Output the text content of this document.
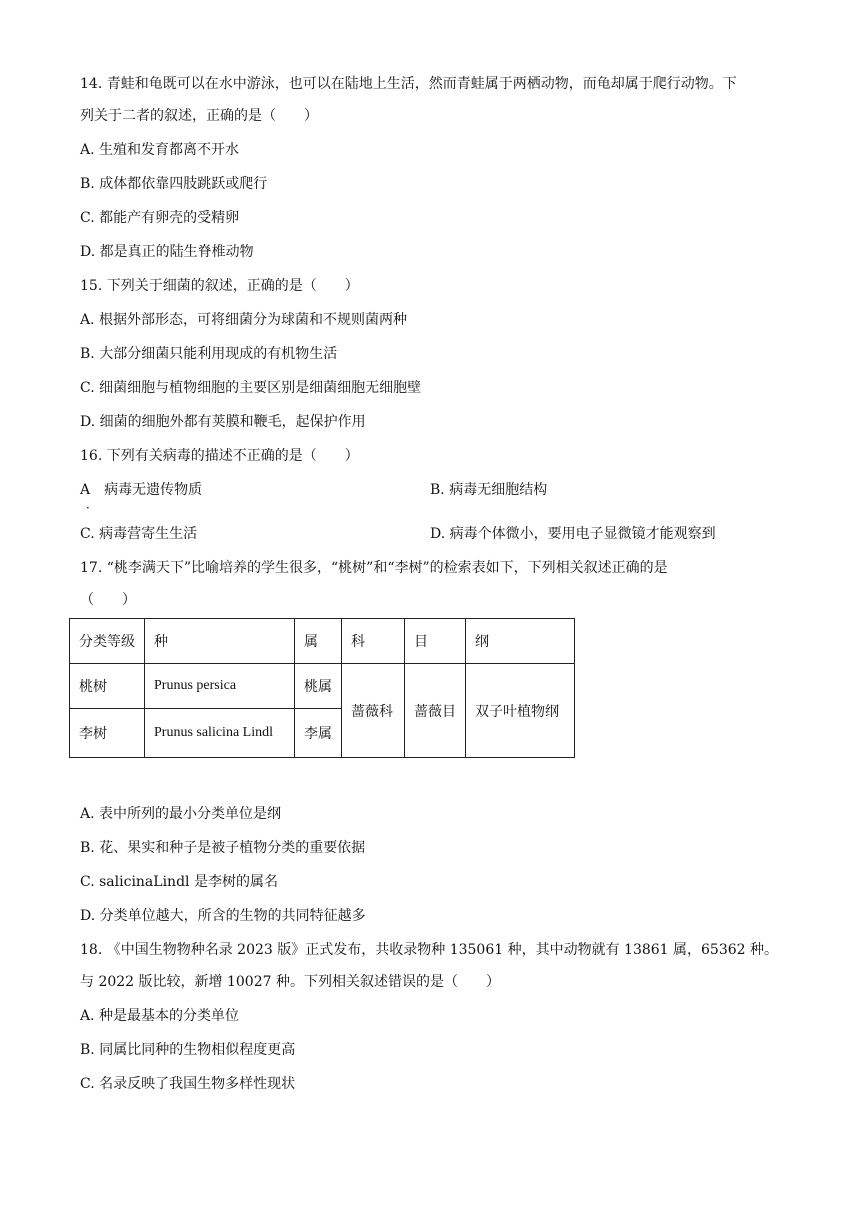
14. 青蛙和龟既可以在水中游泳，也可以在陆地上生活，然而青蛙属于两栖动物，而龟却属于爬行动物。下
列关于二者的叙述，正确的是（　　）
A. 生殖和发育都离不开水
B. 成体都依靠四肢跳跃或爬行
C. 都能产有卵壳的受精卵
D. 都是真正的陆生脊椎动物
15. 下列关于细菌的叙述，正确的是（　　）
A. 根据外部形态，可将细菌分为球菌和不规则菌两种
B. 大部分细菌只能利用现成的有机物生活
C. 细菌细胞与植物细胞的主要区别是细菌细胞无细胞壁
D. 细菌的细胞外都有荚膜和鞭毛，起保护作用
16. 下列有关病毒的描述不正确的是（　　）
A　病毒无遗传物质
．
B. 病毒无细胞结构
C. 病毒营寄生生活	D. 病毒个体微小，要用电子显微镜才能观察到
17. “桃李满天下”比喻培养的学生很多，“桃树”和“李树”的检索表如下，下列相关叙述正确的是
（　　）
分类等级	种	属	科	目	纲
桃树	Prunus persica	桃属	蔷薇科	蔷薇目	双子叶植物纲
李树	Prunus salicina Lindl	李属			
A. 表中所列的最小分类单位是纲
B. 花、果实和种子是被子植物分类的重要依据
C. salicinaLindl 是李树的属名
D. 分类单位越大，所含的生物的共同特征越多
18. 《中国生物物种名录 2023 版》正式发布，共收录物种 135061 种，其中动物就有 13861 属，65362 种。
与 2022 版比较，新增 10027 种。下列相关叙述错误的是（　　）
A. 种是最基本的分类单位
B. 同属比同种的生物相似程度更高
C. 名录反映了我国生物多样性现状
